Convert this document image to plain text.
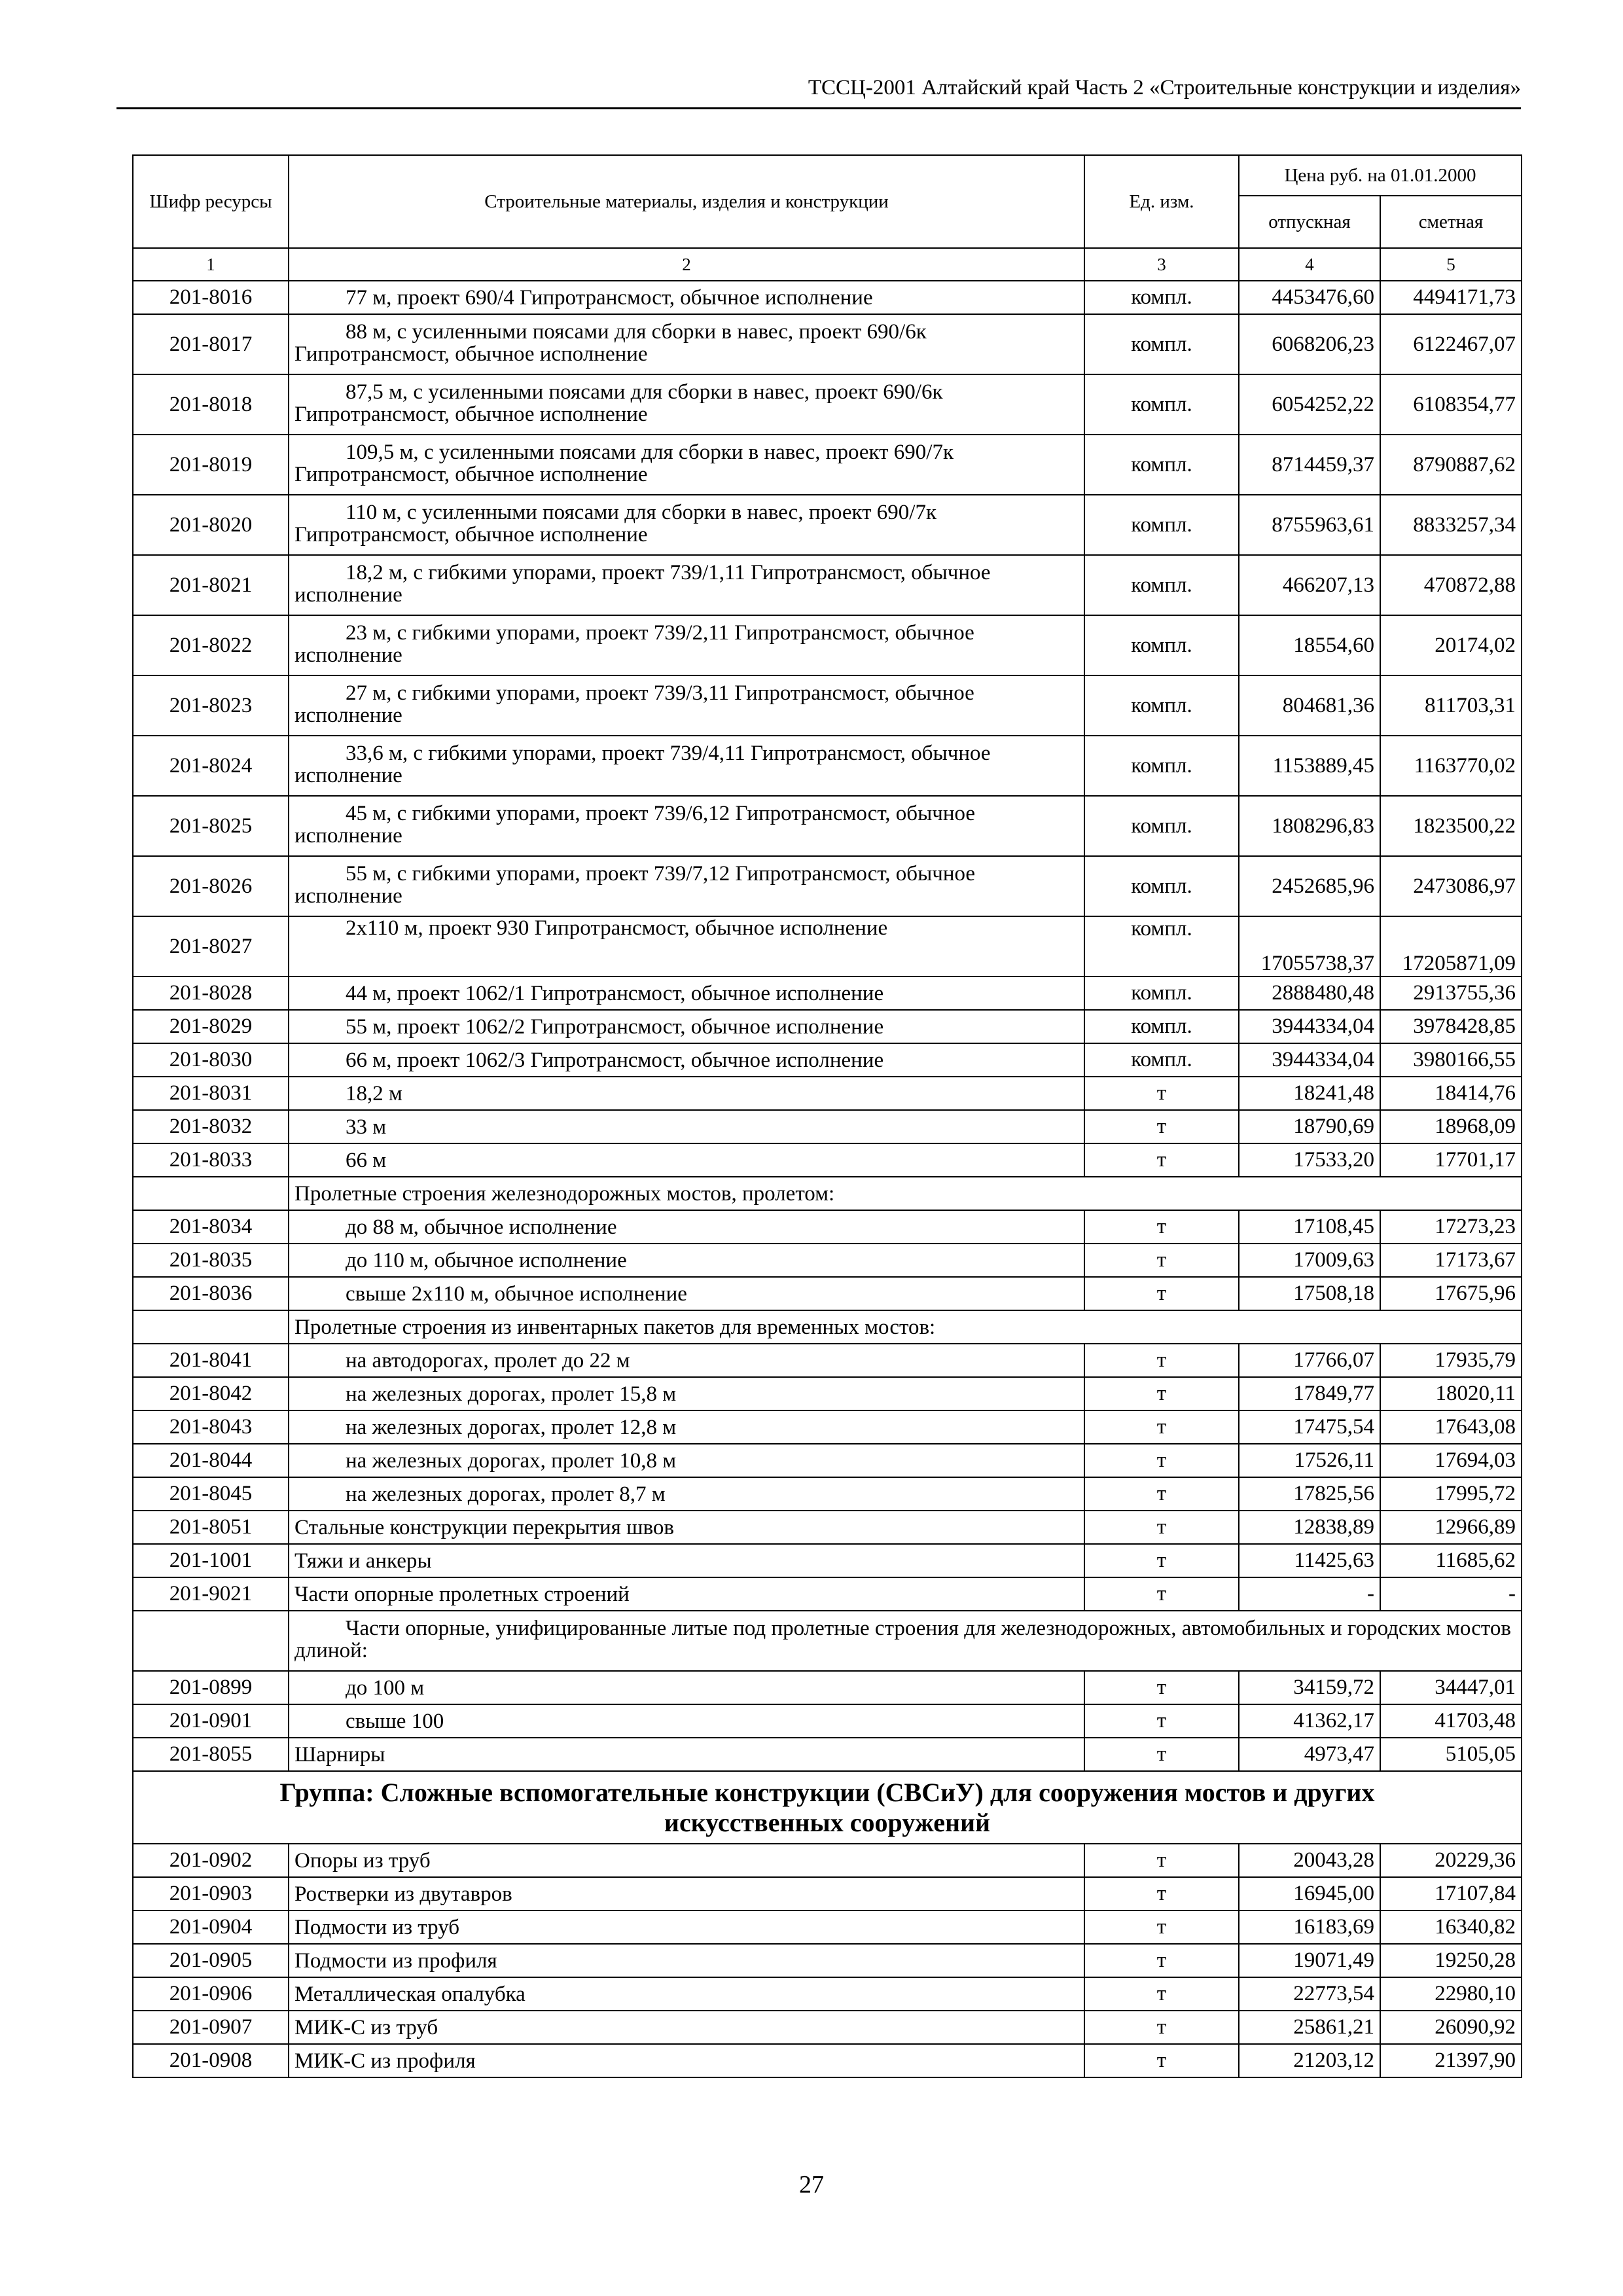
ТССЦ-2001 Алтайский край Часть 2 «Строительные конструкции и изделия»
Шифр ресурсы	Строительные материалы, изделия и конструкции	Ед. изм.	Цена руб. на 01.01.2000	
			отпускная	сметная
1	2	3	4	5
201-8016	77 м, проект 690/4 Гипротрансмост, обычное исполнение	компл.	4453476,60	4494171,73
201-8017	88 м, с усиленными поясами для сборки в навес, проект 690/6к Гипротрансмост, обычное исполнение	компл.	6068206,23	6122467,07
201-8018	87,5 м, с усиленными поясами для сборки в навес, проект 690/6к Гипротрансмост, обычное исполнение	компл.	6054252,22	6108354,77
201-8019	109,5 м, с усиленными поясами для сборки в навес, проект 690/7к Гипротрансмост, обычное исполнение	компл.	8714459,37	8790887,62
201-8020	110 м, с усиленными поясами для сборки в навес, проект 690/7к Гипротрансмост, обычное исполнение	компл.	8755963,61	8833257,34
201-8021	18,2 м, с гибкими упорами, проект 739/1,11 Гипротрансмост, обычное исполнение	компл.	466207,13	470872,88
201-8022	23 м, с гибкими упорами, проект 739/2,11 Гипротрансмост, обычное исполнение	компл.	18554,60	20174,02
201-8023	27 м, с гибкими упорами, проект 739/3,11 Гипротрансмост, обычное исполнение	компл.	804681,36	811703,31
201-8024	33,6 м, с гибкими упорами, проект 739/4,11 Гипротрансмост, обычное исполнение	компл.	1153889,45	1163770,02
201-8025	45 м, с гибкими упорами, проект 739/6,12 Гипротрансмост, обычное исполнение	компл.	1808296,83	1823500,22
201-8026	55 м, с гибкими упорами, проект 739/7,12 Гипротрансмост, обычное исполнение	компл.	2452685,96	2473086,97
201-8027	2х110 м, проект 930 Гипротрансмост, обычное исполнение	компл.	17055738,37	17205871,09
201-8028	44 м, проект 1062/1 Гипротрансмост, обычное исполнение	компл.	2888480,48	2913755,36
201-8029	55 м, проект 1062/2 Гипротрансмост, обычное исполнение	компл.	3944334,04	3978428,85
201-8030	66 м, проект 1062/3 Гипротрансмост, обычное исполнение	компл.	3944334,04	3980166,55
201-8031	18,2 м	т	18241,48	18414,76
201-8032	33 м	т	18790,69	18968,09
201-8033	66 м	т	17533,20	17701,17
	Пролетные строения железнодорожных мостов, пролетом:			
201-8034	до 88 м, обычное исполнение	т	17108,45	17273,23
201-8035	до 110 м, обычное исполнение	т	17009,63	17173,67
201-8036	свыше 2х110 м, обычное исполнение	т	17508,18	17675,96
	Пролетные строения из инвентарных пакетов для временных мостов:			
201-8041	на автодорогах, пролет до 22 м	т	17766,07	17935,79
201-8042	на железных дорогах, пролет 15,8 м	т	17849,77	18020,11
201-8043	на железных дорогах, пролет 12,8 м	т	17475,54	17643,08
201-8044	на железных дорогах, пролет 10,8 м	т	17526,11	17694,03
201-8045	на железных дорогах, пролет 8,7 м	т	17825,56	17995,72
201-8051	Стальные конструкции перекрытия швов	т	12838,89	12966,89
201-1001	Тяжи и анкеры	т	11425,63	11685,62
201-9021	Части опорные пролетных строений	т	-	-
	Части опорные, унифицированные литые под пролетные строения для железнодорожных, автомобильных и городских мостов длиной:			
201-0899	до 100 м	т	34159,72	34447,01
201-0901	свыше 100	т	41362,17	41703,48
201-8055	Шарниры	т	4973,47	5105,05
Группа: Сложные вспомогательные конструкции (СВСиУ) для сооружения мостов и других искусственных сооружений				
201-0902	Опоры из труб	т	20043,28	20229,36
201-0903	Ростверки из двутавров	т	16945,00	17107,84
201-0904	Подмости из труб	т	16183,69	16340,82
201-0905	Подмости из профиля	т	19071,49	19250,28
201-0906	Металлическая опалубка	т	22773,54	22980,10
201-0907	МИК-С из труб	т	25861,21	26090,92
201-0908	МИК-С из профиля	т	21203,12	21397,90
27
